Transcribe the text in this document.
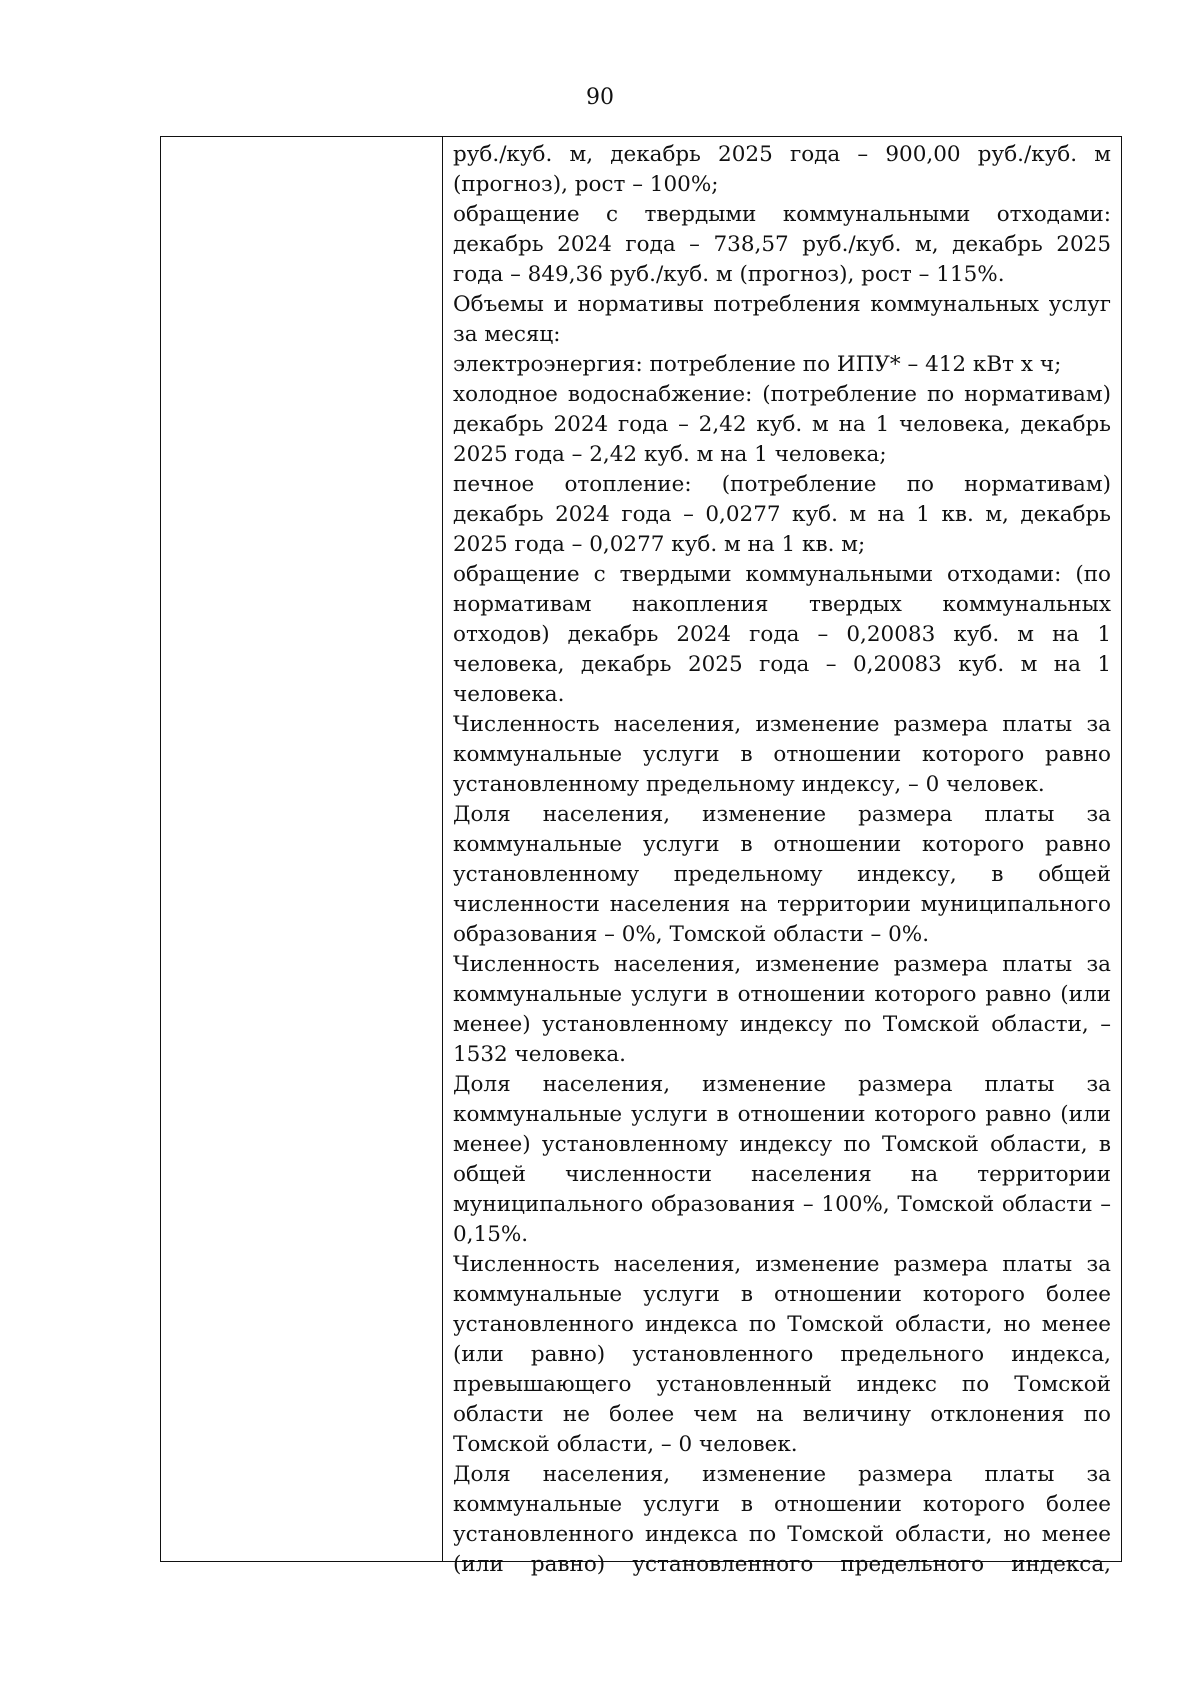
90

руб./куб. м, декабрь 2025 года – 900,00 руб./куб. м (прогноз), рост – 100%;

обращение с твердыми коммунальными отходами: декабрь 2024 года – 738,57 руб./куб. м, декабрь 2025 года – 849,36 руб./куб. м (прогноз), рост – 115%.

Объемы и нормативы потребления коммунальных услуг за месяц:

электроэнергия: потребление по ИПУ* – 412 кВт х ч;

холодное водоснабжение: (потребление по нормативам) декабрь 2024 года – 2,42 куб. м на 1 человека, декабрь 2025 года – 2,42 куб. м на 1 человека;

печное отопление: (потребление по нормативам) декабрь 2024 года – 0,0277 куб. м на 1 кв. м, декабрь 2025 года – 0,0277 куб. м на 1 кв. м;

обращение с твердыми коммунальными отходами: (по нормативам накопления твердых коммунальных отходов) декабрь 2024 года – 0,20083 куб. м на 1 человека, декабрь 2025 года – 0,20083 куб. м на 1 человека.

Численность населения, изменение размера платы за коммунальные услуги в отношении которого равно установленному предельному индексу, – 0 человек.

Доля населения, изменение размера платы за коммунальные услуги в отношении которого равно установленному предельному индексу, в общей численности населения на территории муниципального образования – 0%, Томской области – 0%.

Численность населения, изменение размера платы за коммунальные услуги в отношении которого равно (или менее) установленному индексу по Томской области, – 1532 человека.

Доля населения, изменение размера платы за коммунальные услуги в отношении которого равно (или менее) установленному индексу по Томской области, в общей численности населения на территории муниципального образования – 100%, Томской области – 0,15%.

Численность населения, изменение размера платы за коммунальные услуги в отношении которого более установленного индекса по Томской области, но менее (или равно) установленного предельного индекса, превышающего установленный индекс по Томской области не более чем на величину отклонения по Томской области, – 0 человек.

Доля населения, изменение размера платы за коммунальные услуги в отношении которого более установленного индекса по Томской области, но менее (или равно) установленного предельного индекса,
